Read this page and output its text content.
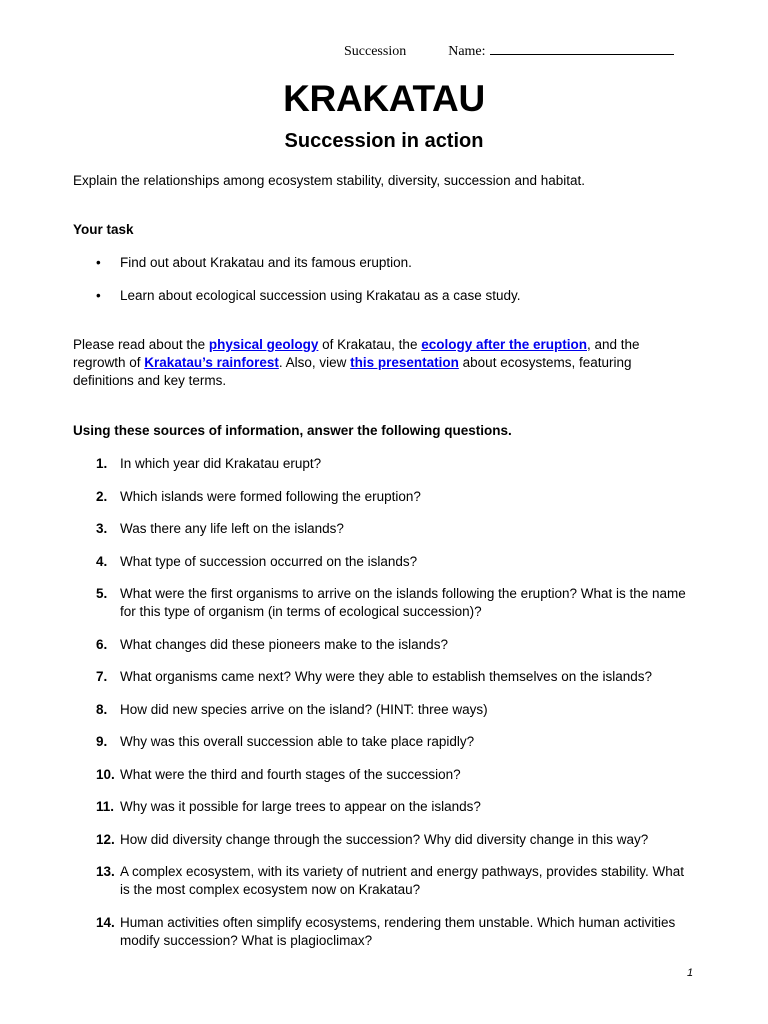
Succession	Name:
KRAKATAU
Succession in action
Explain the relationships among ecosystem stability, diversity, succession and habitat.
Your task
• Find out about Krakatau and its famous eruption.
• Learn about ecological succession using Krakatau as a case study.
Please read about the physical geology of Krakatau, the ecology after the eruption, and the regrowth of Krakatau’s rainforest. Also, view this presentation about ecosystems, featuring definitions and key terms.
Using these sources of information, answer the following questions.
1. In which year did Krakatau erupt?
2. Which islands were formed following the eruption?
3. Was there any life left on the islands?
4. What type of succession occurred on the islands?
5. What were the first organisms to arrive on the islands following the eruption? What is the name for this type of organism (in terms of ecological succession)?
6. What changes did these pioneers make to the islands?
7. What organisms came next? Why were they able to establish themselves on the islands?
8. How did new species arrive on the island? (HINT: three ways)
9. Why was this overall succession able to take place rapidly?
10. What were the third and fourth stages of the succession?
11. Why was it possible for large trees to appear on the islands?
12. How did diversity change through the succession? Why did diversity change in this way?
13. A complex ecosystem, with its variety of nutrient and energy pathways, provides stability. What is the most complex ecosystem now on Krakatau?
14. Human activities often simplify ecosystems, rendering them unstable. Which human activities modify succession? What is plagioclimax?
1
